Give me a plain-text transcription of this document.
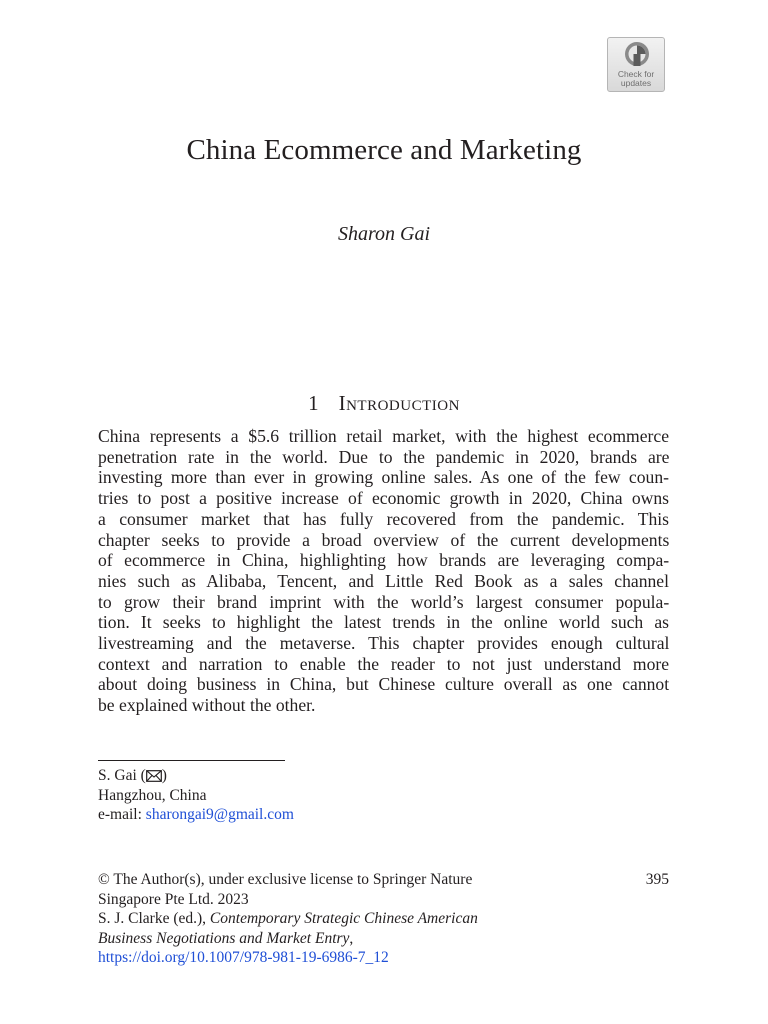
Check for
updates
China Ecommerce and Marketing
Sharon Gai
1 Introduction
China represents a $5.6 trillion retail market, with the highest ecommerce
penetration rate in the world. Due to the pandemic in 2020, brands are
investing more than ever in growing online sales. As one of the few coun-
tries to post a positive increase of economic growth in 2020, China owns
a consumer market that has fully recovered from the pandemic. This
chapter seeks to provide a broad overview of the current developments
of ecommerce in China, highlighting how brands are leveraging compa-
nies such as Alibaba, Tencent, and Little Red Book as a sales channel
to grow their brand imprint with the world’s largest consumer popula-
tion. It seeks to highlight the latest trends in the online world such as
livestreaming and the metaverse. This chapter provides enough cultural
context and narration to enable the reader to not just understand more
about doing business in China, but Chinese culture overall as one cannot
be explained without the other.
S. Gai ( )
Hangzhou, China
e-mail: sharongai9@gmail.com
© The Author(s), under exclusive license to Springer Nature
Singapore Pte Ltd. 2023
S. J. Clarke (ed.), Contemporary Strategic Chinese American
Business Negotiations and Market Entry,
https://doi.org/10.1007/978-981-19-6986-7_12
395
